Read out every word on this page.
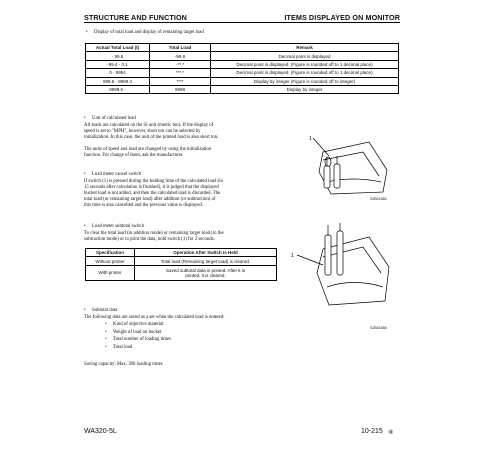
STRUCTURE AND FUNCTION	ITEMS DISPLAYED ON MONITOR
• Display of total load and display of remaining target load
Actual Total Load (t)	Total Load	Remark
- 99.5	-99.9	Decimal point is displayed
-99.4 - 0.1	-**.*	Decimal point is displayed. (Figure is rounded off to 1 decimal place)
0 - 9994	***.*	Decimal point is displayed. (Figure is rounded off to 1 decimal place)
999.5 - 9999.4	****	Display by integer (Figure is rounded off to integer)
9999.5 -	9999	Display by integer
• Unit of calculated load
All loads are calculated on the SI unit (metric ton). If the display of
speed is set to "MPH", however, short ton can be selected by
initialization. In this case, the unit of the printed load is also short ton.
The units of speed and load are changed by using the initialization
function. For change of them, ask the manufacturer.
• Load meter cancel switch
If switch (1) is pressed during the holding time of the calculated load (in
15 seconds after calculation is finished), it is judged that the displayed
bucket load is not added, and then the calculated load is discarded. The
total load (or remaining target load) after addition (or subtraction) of
this time is also cancelled and the previous value is displayed.
• Load meter subtotal switch
To clear the total load (in addition mode) or remaining target load (in the
subtraction mode) or to print the data, hold switch (1) for 2 seconds.
Specification	Operation After Switch Is Held
Without printer	Total load (Remaining target load) is cleared.

With printer	Saved subtotal data is printed. After it is
printed, it is cleared.
• Subtotal data
The following data are saved as a set when the calculated load is entered:
• Kind of objective material
• Weight of load on bucket
• Total number of loading times
• Total load
Saving capacity: Max. 300 loading times
1
SJB01584
1
SJB01585
WA320-5L	10-215 ⑨
